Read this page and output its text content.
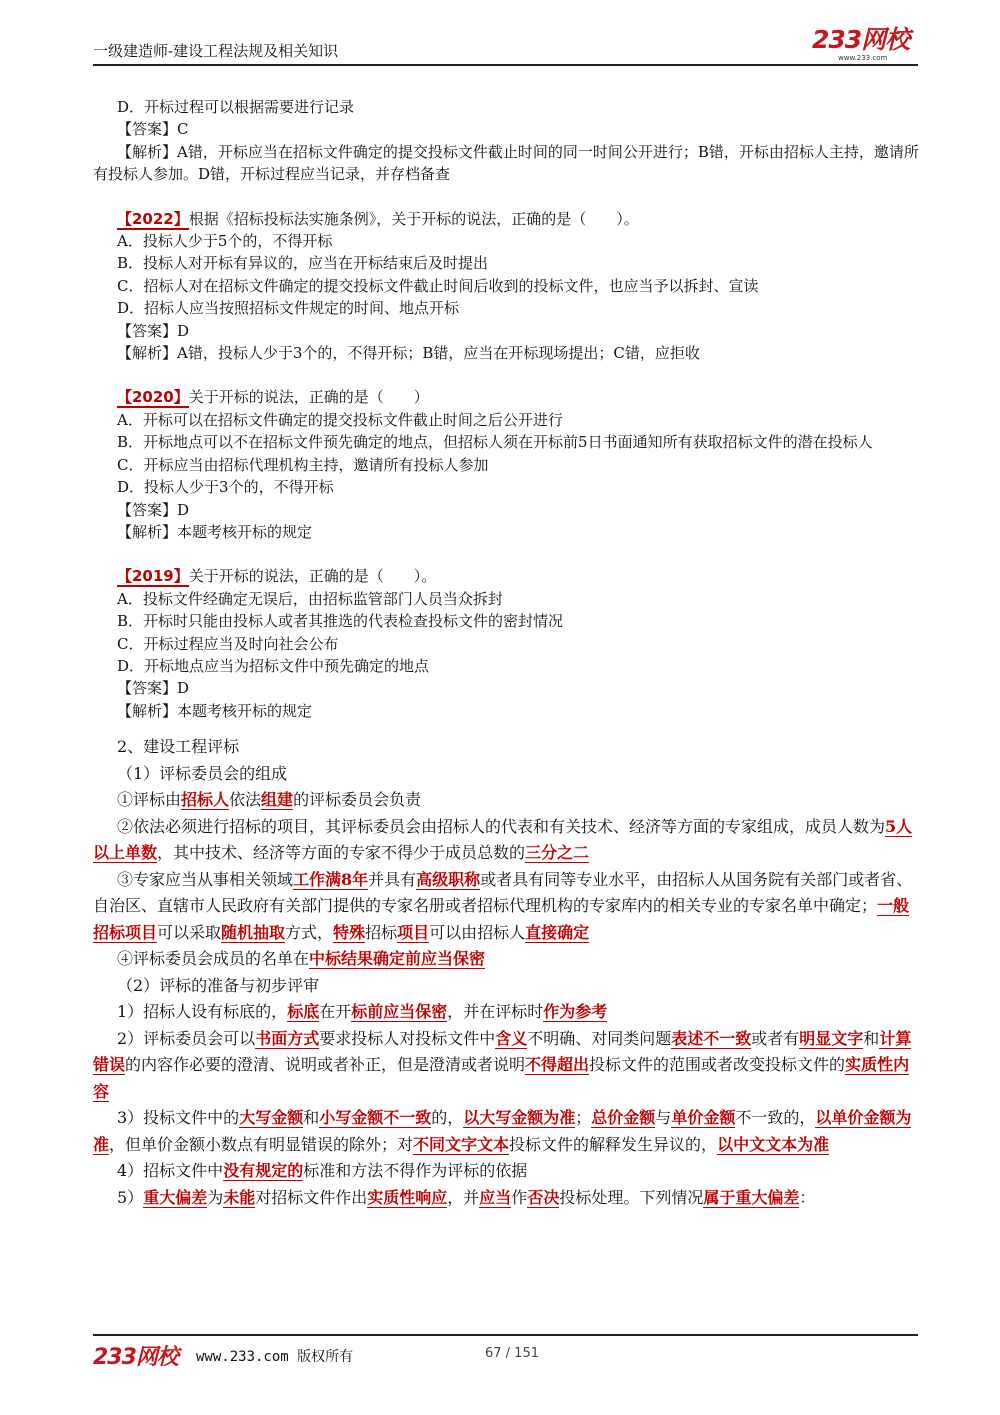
一级建造师-建设工程法规及相关知识	233网校
www.233.com

D．开标过程可以根据需要进行记录

【答案】C

【解析】A错，开标应当在招标文件确定的提交投标文件截止时间的同一时间公开进行；B错，开标由招标人主持，邀请所有投标人参加。D错，开标过程应当记录，并存档备查

【2022】根据《招标投标法实施条例》，关于开标的说法，正确的是（　　）。

A．投标人少于5个的，不得开标

B．投标人对开标有异议的，应当在开标结束后及时提出

C．招标人对在招标文件确定的提交投标文件截止时间后收到的投标文件，也应当予以拆封、宣读

D．招标人应当按照招标文件规定的时间、地点开标

【答案】D

【解析】A错，投标人少于3个的，不得开标；B错，应当在开标现场提出；C错，应拒收

【2020】关于开标的说法，正确的是（　　）

A．开标可以在招标文件确定的提交投标文件截止时间之后公开进行

B．开标地点可以不在招标文件预先确定的地点，但招标人须在开标前5日书面通知所有获取招标文件的潜在投标人

C．开标应当由招标代理机构主持，邀请所有投标人参加

D．投标人少于3个的，不得开标

【答案】D

【解析】本题考核开标的规定

【2019】关于开标的说法，正确的是（　　）。

A．投标文件经确定无误后，由招标监管部门人员当众拆封

B．开标时只能由投标人或者其推选的代表检查投标文件的密封情况

C．开标过程应当及时向社会公布

D．开标地点应当为招标文件中预先确定的地点

【答案】D

【解析】本题考核开标的规定

2、建设工程评标

（1）评标委员会的组成

①评标由招标人依法组建的评标委员会负责

②依法必须进行招标的项目，其评标委员会由招标人的代表和有关技术、经济等方面的专家组成，成员人数为5人以上单数，其中技术、经济等方面的专家不得少于成员总数的三分之二

③专家应当从事相关领域工作满8年并具有高级职称或者具有同等专业水平，由招标人从国务院有关部门或者省、自治区、直辖市人民政府有关部门提供的专家名册或者招标代理机构的专家库内的相关专业的专家名单中确定；一般招标项目可以采取随机抽取方式，特殊招标项目可以由招标人直接确定

④评标委员会成员的名单在中标结果确定前应当保密

（2）评标的准备与初步评审

1）招标人设有标底的，标底在开标前应当保密，并在评标时作为参考

2）评标委员会可以书面方式要求投标人对投标文件中含义不明确、对同类问题表述不一致或者有明显文字和计算错误的内容作必要的澄清、说明或者补正，但是澄清或者说明不得超出投标文件的范围或者改变投标文件的实质性内容

3）投标文件中的大写金额和小写金额不一致的，以大写金额为准；总价金额与单价金额不一致的，以单价金额为准，但单价金额小数点有明显错误的除外；对不同文字文本投标文件的解释发生异议的，以中文文本为准

4）招标文件中没有规定的标准和方法不得作为评标的依据

5）重大偏差为未能对招标文件作出实质性响应，并应当作否决投标处理。下列情况属于重大偏差：

233网校 www.233.com 版权所有	67 / 151
